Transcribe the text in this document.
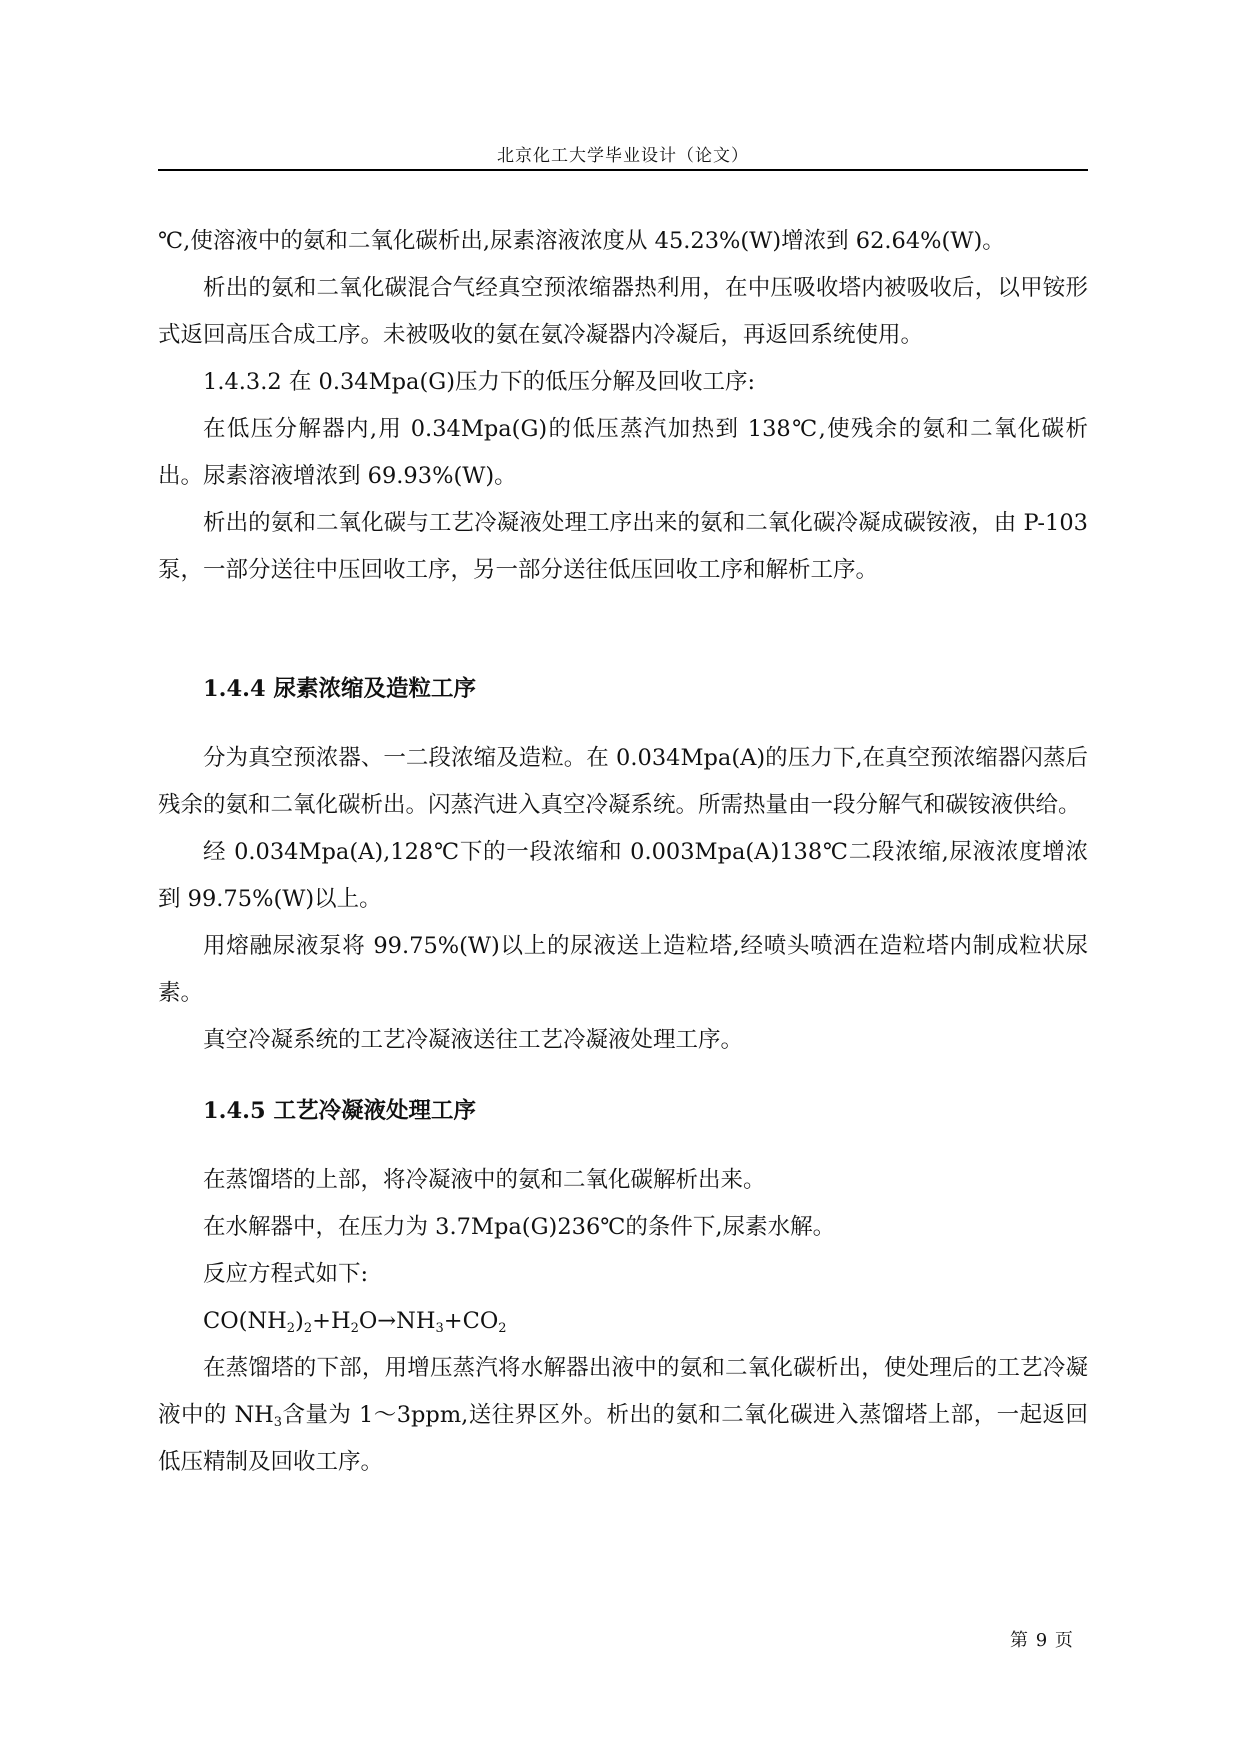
北京化工大学毕业设计（论文）

℃,使溶液中的氨和二氧化碳析出,尿素溶液浓度从 45.23%(W)增浓到 62.64%(W)。

析出的氨和二氧化碳混合气经真空预浓缩器热利用，在中压吸收塔内被吸收后，以甲铵形式返回高压合成工序。未被吸收的氨在氨冷凝器内冷凝后，再返回系统使用。

1.4.3.2 在 0.34Mpa(G)压力下的低压分解及回收工序:

在低压分解器内,用 0.34Mpa(G)的低压蒸汽加热到 138℃,使残余的氨和二氧化碳析出。尿素溶液增浓到 69.93%(W)。

析出的氨和二氧化碳与工艺冷凝液处理工序出来的氨和二氧化碳冷凝成碳铵液，由 P-103 泵，一部分送往中压回收工序，另一部分送往低压回收工序和解析工序。

1.4.4 尿素浓缩及造粒工序

分为真空预浓器、一二段浓缩及造粒。在 0.034Mpa(A)的压力下,在真空预浓缩器闪蒸后残余的氨和二氧化碳析出。闪蒸汽进入真空冷凝系统。所需热量由一段分解气和碳铵液供给。

经 0.034Mpa(A),128℃下的一段浓缩和 0.003Mpa(A)138℃二段浓缩,尿液浓度增浓到 99.75%(W)以上。

用熔融尿液泵将 99.75%(W)以上的尿液送上造粒塔,经喷头喷洒在造粒塔内制成粒状尿素。

真空冷凝系统的工艺冷凝液送往工艺冷凝液处理工序。

1.4.5 工艺冷凝液处理工序

在蒸馏塔的上部，将冷凝液中的氨和二氧化碳解析出来。

在水解器中，在压力为 3.7Mpa(G)236℃的条件下,尿素水解。

反应方程式如下:

$CO(NH_2)_2+H_2O\to NH_3+CO_2$

在蒸馏塔的下部，用增压蒸汽将水解器出液中的氨和二氧化碳析出，使处理后的工艺冷凝液中的 $NH_3$含量为 1～3ppm,送往界区外。析出的氨和二氧化碳进入蒸馏塔上部，一起返回低压精制及回收工序。

第 9 页
